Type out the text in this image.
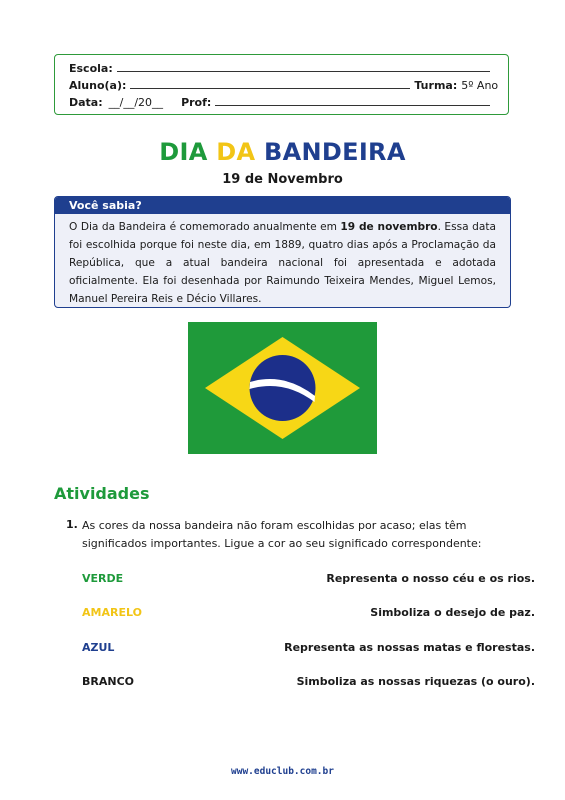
Escola:
Aluno(a):	Turma: 5º Ano
Data: __/__/20__ Prof:
DIA DA BANDEIRA
19 de Novembro
Você sabia?
O Dia da Bandeira é comemorado anualmente em 19 de novembro. Essa data foi escolhida porque foi neste dia, em 1889, quatro dias após a Proclamação da República, que a atual bandeira nacional foi apresentada e adotada oficialmente. Ela foi desenhada por Raimundo Teixeira Mendes, Miguel Lemos, Manuel Pereira Reis e Décio Villares.
Atividades
1. As cores da nossa bandeira não foram escolhidas por acaso; elas têm significados importantes. Ligue a cor ao seu significado correspondente:
VERDE
AMARELO
AZUL
BRANCO
Representa o nosso céu e os rios.
Simboliza o desejo de paz.
Representa as nossas matas e florestas.
Simboliza as nossas riquezas (o ouro).
www.educlub.com.br
